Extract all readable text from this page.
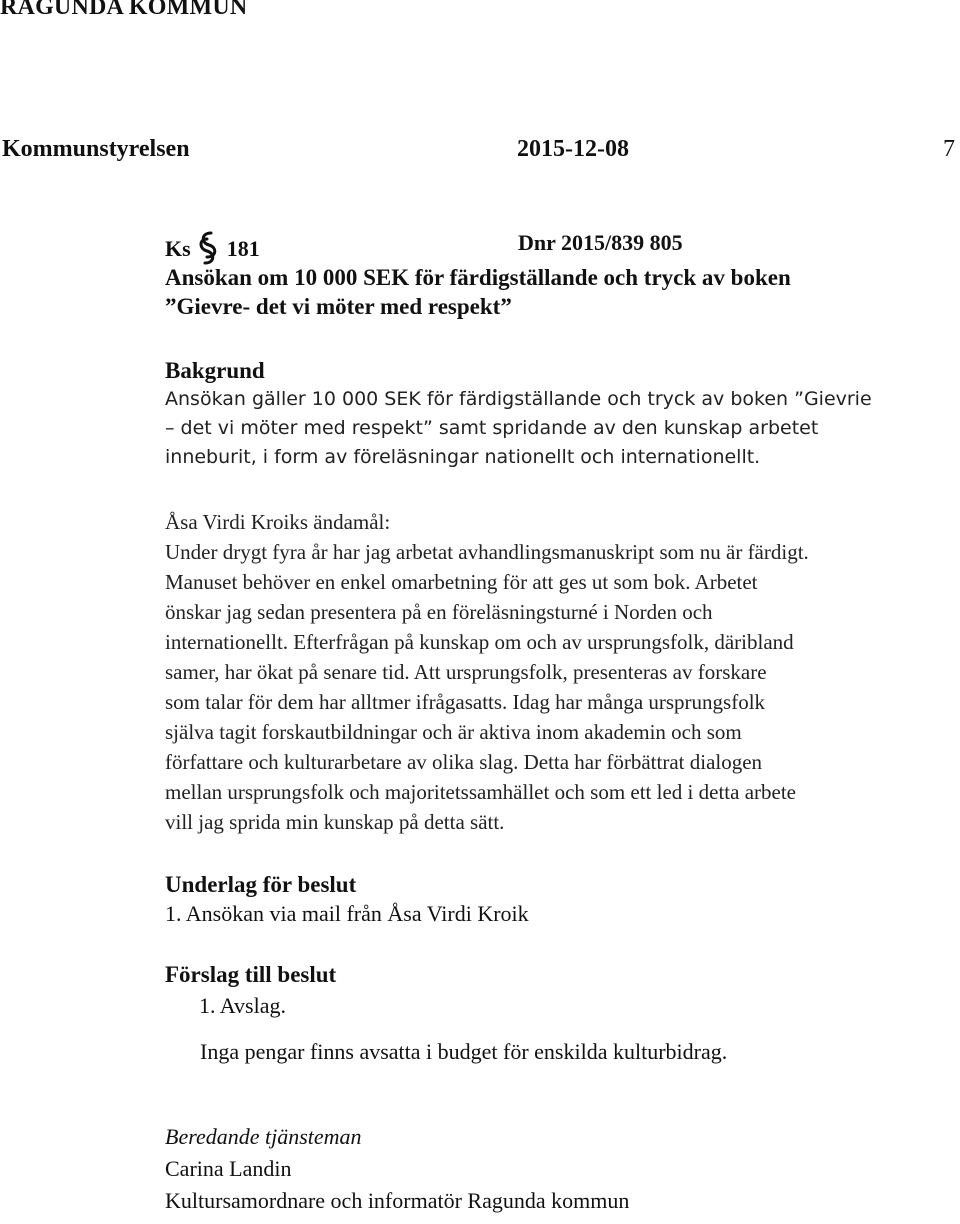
RAGUNDA KOMMUN
Kommunstyrelsen	2015-12-08	7
Ks 181	Dnr 2015/839 805
Ansökan om 10 000 SEK för färdigställande och tryck av boken
”Gievre- det vi möter med respekt”
Bakgrund
Ansökan gäller 10 000 SEK för färdigställande och tryck av boken ”Gievrie
– det vi möter med respekt” samt spridande av den kunskap arbetet
inneburit, i form av föreläsningar nationellt och internationellt.
Åsa Virdi Kroiks ändamål:
Under drygt fyra år har jag arbetat avhandlingsmanuskript som nu är färdigt.
Manuset behöver en enkel omarbetning för att ges ut som bok. Arbetet
önskar jag sedan presentera på en föreläsningsturné i Norden och
internationellt. Efterfrågan på kunskap om och av ursprungsfolk, däribland
samer, har ökat på senare tid. Att ursprungsfolk, presenteras av forskare
som talar för dem har alltmer ifrågasatts. Idag har många ursprungsfolk
själva tagit forskautbildningar och är aktiva inom akademin och som
författare och kulturarbetare av olika slag. Detta har förbättrat dialogen
mellan ursprungsfolk och majoritetssamhället och som ett led i detta arbete
vill jag sprida min kunskap på detta sätt.
Underlag för beslut
1. Ansökan via mail från Åsa Virdi Kroik
Förslag till beslut
1. Avslag.
Inga pengar finns avsatta i budget för enskilda kulturbidrag.
Beredande tjänsteman
Carina Landin
Kultursamordnare och informatör Ragunda kommun
